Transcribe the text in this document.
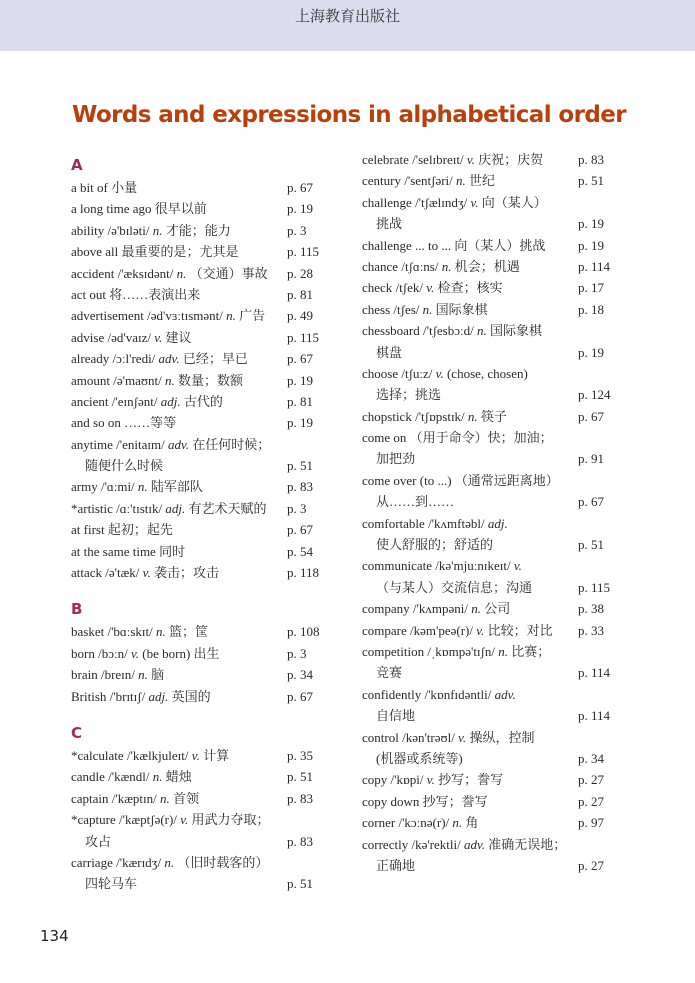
上海教育出版社
Words and expressions in alphabetical order
A
a bit of 小量	p. 67
a long time ago 很早以前	p. 19
ability /ə'bɪləti/ n. 才能；能力	p. 3
above all 最重要的是；尤其是	p. 115
accident /'æksɪdənt/ n. （交通）事故 p. 28
act out 将……表演出来	p. 81
advertisement /əd'vɜːtɪsmənt/ n. 广告 p. 49
advise /əd'vaɪz/ v. 建议	p. 115
already /ɔːl'redi/ adv. 已经；早已	p. 67
amount /ə'maʊnt/ n. 数量；数额	p. 19
ancient /'eɪnʃənt/ adj. 古代的	p. 81
and so on ……等等	p. 19
anytime /'enitaɪm/ adv. 在任何时候；
随便什么时候	p. 51
army /'ɑːmi/ n. 陆军部队	p. 83
*artistic /ɑː'tɪstɪk/ adj. 有艺术天赋的 p. 3
at first 起初；起先	p. 67
at the same time 同时	p. 54
attack /ə'tæk/ v. 袭击；攻击	p. 118
B
basket /'bɑːskɪt/ n. 篮；筐	p. 108
born /bɔːn/ v. (be born) 出生	p. 3
brain /breɪn/ n. 脑	p. 34
British /'brɪtɪʃ/ adj. 英国的	p. 67
C
*calculate /'kælkjuleɪt/ v. 计算	p. 35
candle /'kændl/ n. 蜡烛	p. 51
captain /'kæptɪn/ n. 首领	p. 83
*capture /'kæptʃə(r)/ v. 用武力夺取；
攻占	p. 83
carriage /'kærɪdʒ/ n. （旧时载客的）
四轮马车	p. 51
celebrate /'selɪbreɪt/ v. 庆祝；庆贺	p. 83
century /'sentʃəri/ n. 世纪	p. 51
challenge /'tʃælɪndʒ/ v. 向（某人）
挑战	p. 19
challenge ... to ... 向（某人）挑战	p. 19
chance /tʃɑːns/ n. 机会；机遇	p. 114
check /tʃek/ v. 检查；核实	p. 17
chess /tʃes/ n. 国际象棋	p. 18
chessboard /'tʃesbɔːd/ n. 国际象棋
棋盘	p. 19
choose /tʃuːz/ v. (chose, chosen)
选择；挑选	p. 124
chopstick /'tʃɒpstɪk/ n. 筷子	p. 67
come on （用于命令）快；加油；
加把劲	p. 91
come over (to ...) （通常远距离地）
从……到……	p. 67
comfortable /'kʌmftəbl/ adj.
使人舒服的；舒适的	p. 51
communicate /kə'mjuːnɪkeɪt/ v.
（与某人）交流信息；沟通	p. 115
company /'kʌmpəni/ n. 公司	p. 38
compare /kəm'peə(r)/ v. 比较；对比 p. 33
competition /ˌkɒmpə'tɪʃn/ n. 比赛；
竞赛	p. 114
confidently /'kɒnfɪdəntli/ adv.
自信地	p. 114
control /kən'trəʊl/ v. 操纵，控制
(机器或系统等)	p. 34
copy /'kɒpi/ v. 抄写；誊写	p. 27
copy down 抄写；誊写	p. 27
corner /'kɔːnə(r)/ n. 角	p. 97
correctly /kə'rektli/ adv. 准确无误地；
正确地	p. 27
134
